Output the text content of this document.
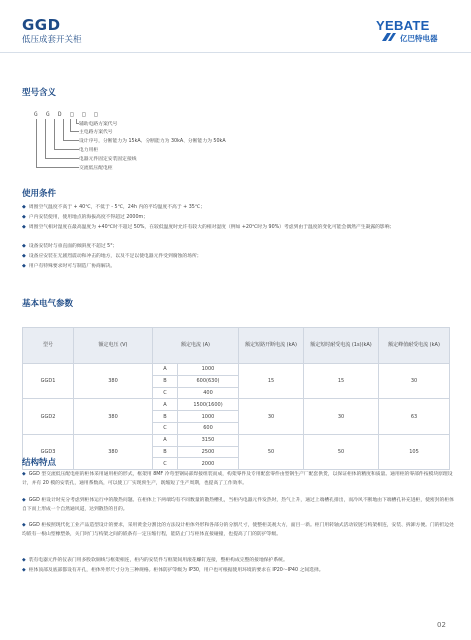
GGD
低压成套开关柜
YEBATE
亿巴特电器
型号含义
G G D □ □ □
辅助电路方案代号
主电路方案代号
设计序号，分断能力为 15kA、分断能力为 30kA、分断能力为 50kA
电力用柜
电器元件固定安装固定接线
交流低压配电柜
使用条件
◆ 周围空气温度不高于 + 40℃，不低于 - 5℃，24h 内的平均温度不高于 + 35℃；
◆ 户内安装使用，使用地点的海拔高度不得超过 2000m；
◆ 周围空气相对湿度在最高温度为 +40℃时不超过 50%，在较低温度时允许有较大的相对湿度（例如 +20℃时为 90%）考虑到由于温度的变化可能会偶然产生凝露的影响；
◆ 设备安装时与垂直面的倾斜度不超过 5°；
◆ 设备应安装在无剧烈震动和冲击的地方，以及不足以使电器元件受到腐蚀的场所；
◆ 用户有特殊要求时可与制造厂协商解决。
基本电气参数
型号	额定电压 (V)	额定电流 (A)		额定短路开断电流 (kA)	额定短时耐受电流 (1s)(kA)	额定峰值耐受电流 (kA)
GGD1	380	A	1000	15	15	30
		B	600(630)			
		C	400			
GGD2	380	A	1500(1600)	30	30	63
		B	1000			
		C	600			
GGD3	380	A	3150	50	50	105
		B	2500			
		C	2000			
结构特点
◆ GGD 型交流低压配电柜的柜体采用通用柜的形式，框架用 8MF 冷弯型钢局部焊接组装而成，构架零件及专用配套零件由型钢生产厂配套供货，以保证柜体的精度和质量。通用柜的零部件按模块原理设计，并有 20 模的安装孔，通用系数高，可以使工厂实现预生产，既缩短了生产周期，也提高了工作效率。
◆ GGD 柜设计时充分考虑到柜体运行中的散热问题。在柜体上下两端均有不同数量的散热槽孔，当柜内电器元件发热时，热气上升，通过上端槽孔排出，而冷风不断地由下端槽孔补充进柜，使密封的柜体自下而上形成一个自然通风道，达到散热的目的。
◆ GGD 柜按照现代化工业产品造型设计的要求，采用黄金分割比的方法设计柜体外形和各部分的分割尺寸，使整柜美观大方，面目一新。柜门用转轴式活动铰链与构架相连，安装、拆卸方便。门的折边处均嵌有一根山型橡塑条，关门时门与构架之间的嵌条有一定压缩行程，能防止门与柜体直接碰撞，也提高了门的防护等级。
◆ 装有电器元件的仪表门用多股软铜线与框架相连，柜内的安装件与框架间用滚花螺钉连接，整柜构成完整的接地保护系统。
◆ 柜体顶部及底部都设有开孔，柜体外形尺寸分为三种规格。柜体防护等级为 IP30，用户也可根据使用环境的要求在 IP20～IP40 之间选择。
02
